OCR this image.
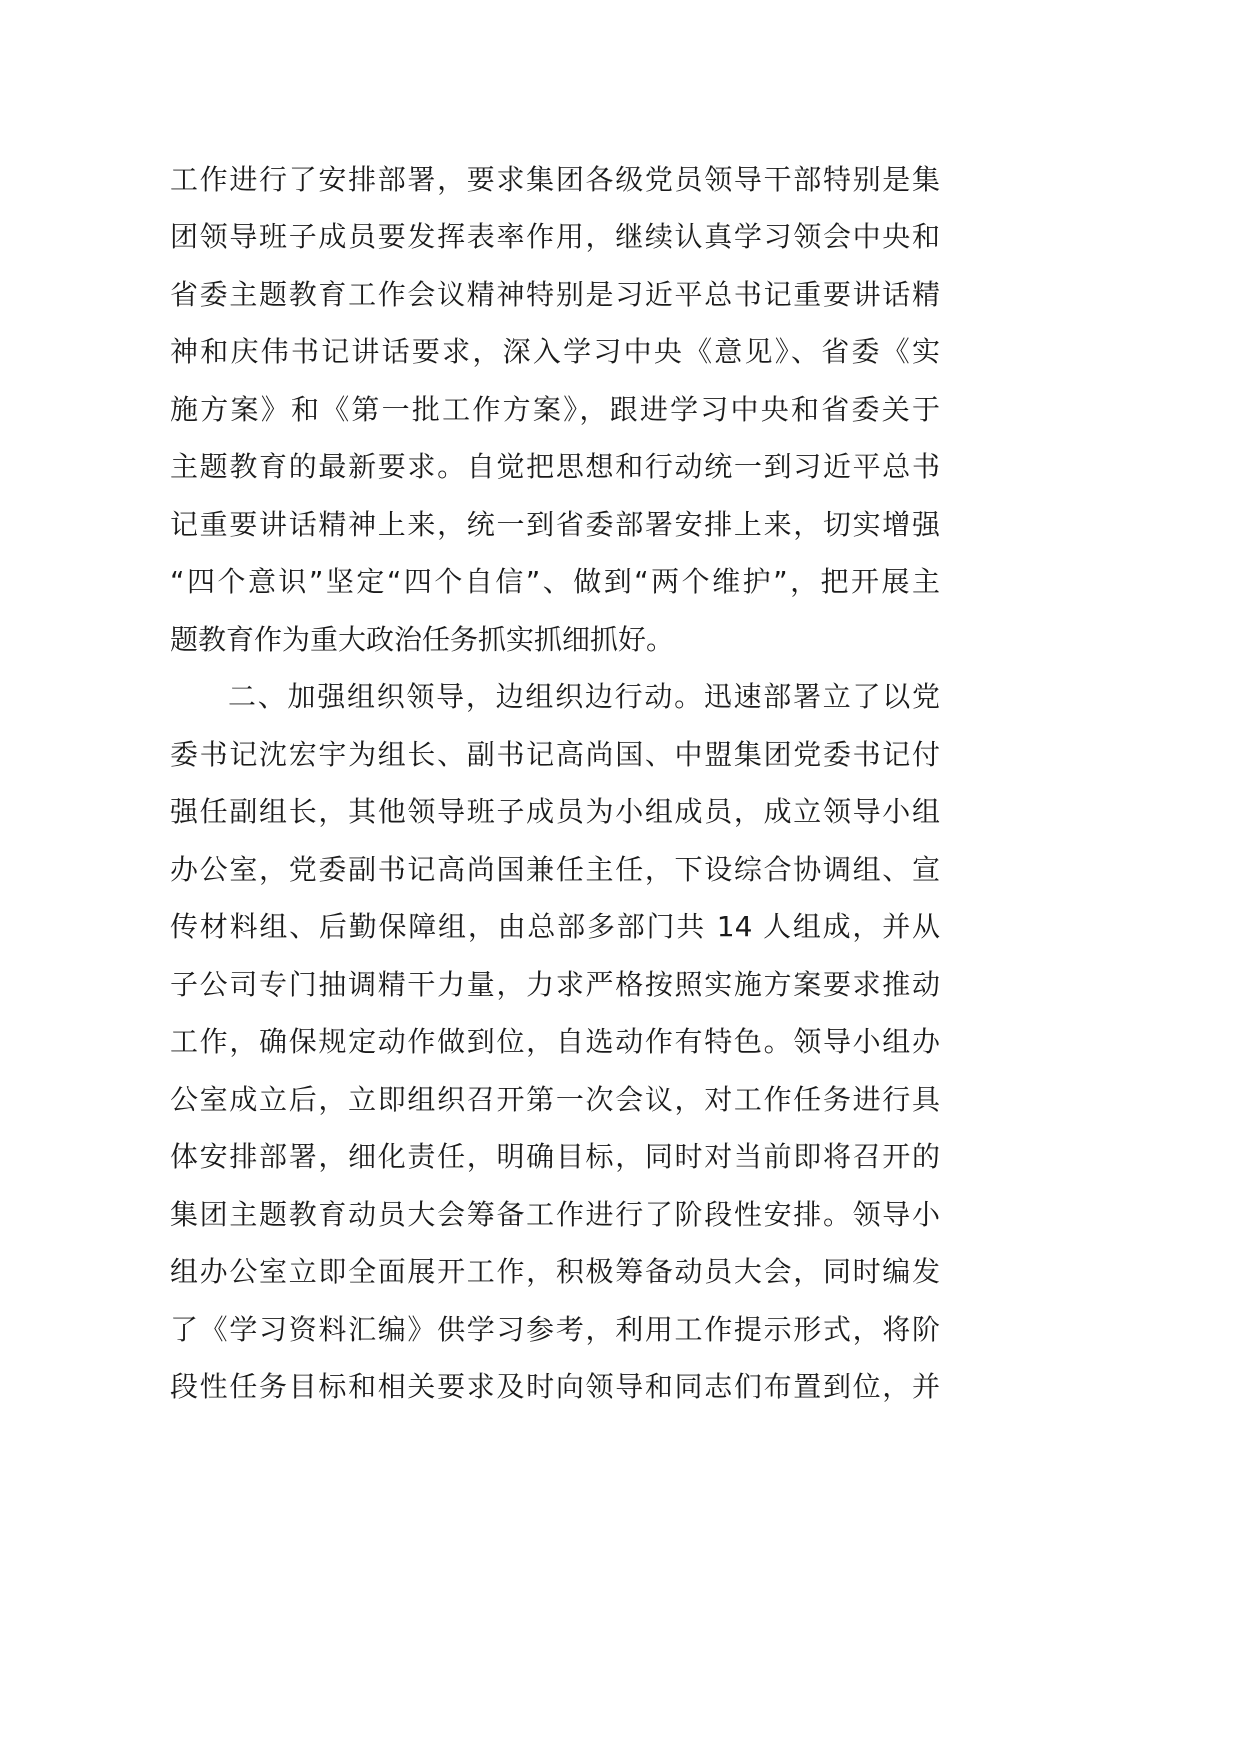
工作进行了安排部署，要求集团各级党员领导干部特别是集
团领导班子成员要发挥表率作用，继续认真学习领会中央和
省委主题教育工作会议精神特别是习近平总书记重要讲话精
神和庆伟书记讲话要求，深入学习中央《意见》、省委《实
施方案》和《第一批工作方案》，跟进学习中央和省委关于
主题教育的最新要求。自觉把思想和行动统一到习近平总书
记重要讲话精神上来，统一到省委部署安排上来，切实增强
“四个意识”坚定“四个自信”、做到“两个维护”，把开展主
题教育作为重大政治任务抓实抓细抓好。
二、加强组织领导，边组织边行动。迅速部署立了以党
委书记沈宏宇为组长、副书记高尚国、中盟集团党委书记付
强任副组长，其他领导班子成员为小组成员，成立领导小组
办公室，党委副书记高尚国兼任主任，下设综合协调组、宣
传材料组、后勤保障组，由总部多部门共 14 人组成，并从
子公司专门抽调精干力量，力求严格按照实施方案要求推动
工作，确保规定动作做到位，自选动作有特色。领导小组办
公室成立后，立即组织召开第一次会议，对工作任务进行具
体安排部署，细化责任，明确目标，同时对当前即将召开的
集团主题教育动员大会筹备工作进行了阶段性安排。领导小
组办公室立即全面展开工作，积极筹备动员大会，同时编发
了《学习资料汇编》供学习参考，利用工作提示形式，将阶
段性任务目标和相关要求及时向领导和同志们布置到位，并
